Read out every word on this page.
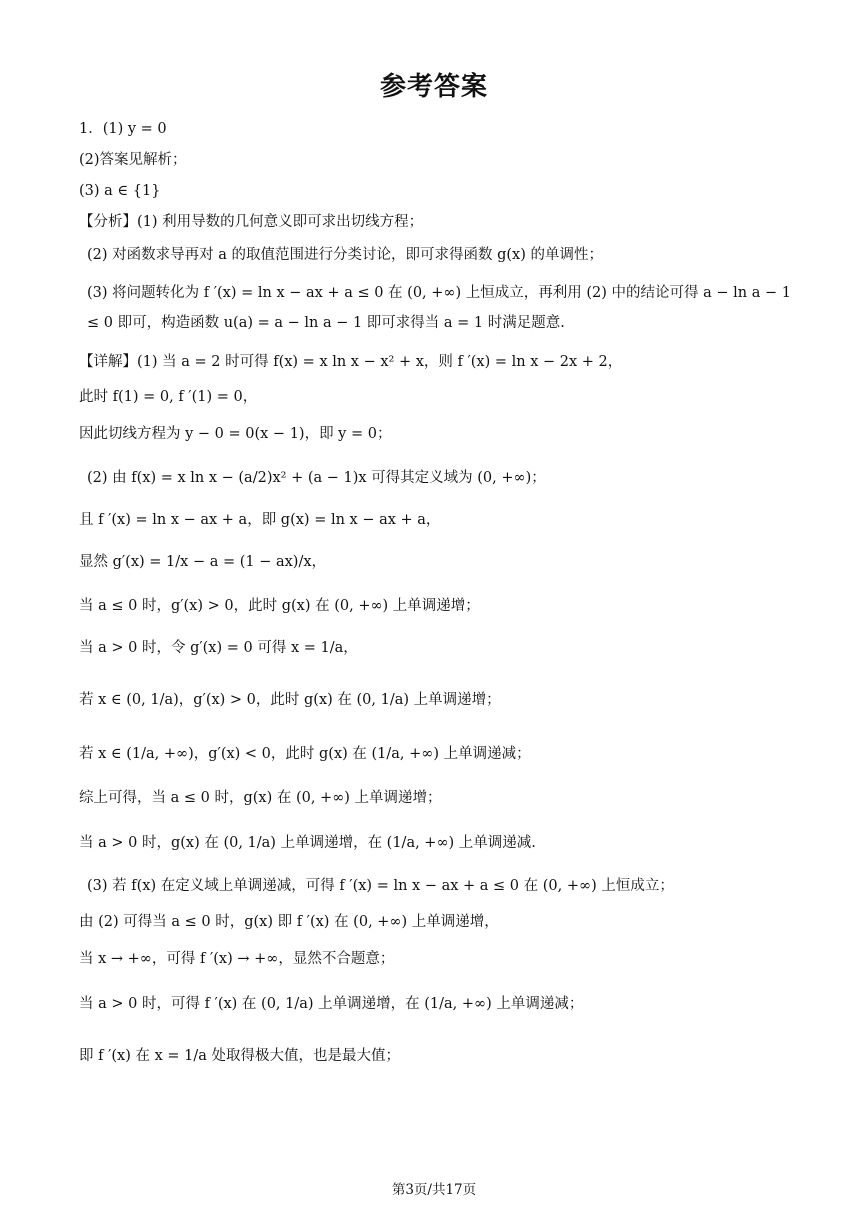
参考答案
1．(1) y = 0
(2)答案见解析；
(3) a ∈ {1}
【分析】(1) 利用导数的几何意义即可求出切线方程；
(2) 对函数求导再对 a 的取值范围进行分类讨论，即可求得函数 g(x) 的单调性；
(3) 将问题转化为 f ′(x) = ln x − ax + a ≤ 0 在 (0, +∞) 上恒成立，再利用 (2) 中的结论可得 a − ln a − 1 ≤ 0 即可，构造函数 u(a) = a − ln a − 1 即可求得当 a = 1 时满足题意.
【详解】(1) 当 a = 2 时可得 f(x) = x ln x − x² + x，则 f ′(x) = ln x − 2x + 2，
此时 f(1) = 0, f ′(1) = 0，
因此切线方程为 y − 0 = 0(x − 1)，即 y = 0；
(2) 由 f(x) = x ln x − (a/2)x² + (a − 1)x 可得其定义域为 (0, +∞)；
且 f ′(x) = ln x − ax + a，即 g(x) = ln x − ax + a，
显然 g′(x) = 1/x − a = (1 − ax)/x，
当 a ≤ 0 时，g′(x) > 0，此时 g(x) 在 (0, +∞) 上单调递增；
当 a > 0 时，令 g′(x) = 0 可得 x = 1/a，
若 x ∈ (0, 1/a)，g′(x) > 0，此时 g(x) 在 (0, 1/a) 上单调递增；
若 x ∈ (1/a, +∞)，g′(x) < 0，此时 g(x) 在 (1/a, +∞) 上单调递减；
综上可得，当 a ≤ 0 时，g(x) 在 (0, +∞) 上单调递增；
当 a > 0 时，g(x) 在 (0, 1/a) 上单调递增，在 (1/a, +∞) 上单调递减.
(3) 若 f(x) 在定义域上单调递减，可得 f ′(x) = ln x − ax + a ≤ 0 在 (0, +∞) 上恒成立；
由 (2) 可得当 a ≤ 0 时，g(x) 即 f ′(x) 在 (0, +∞) 上单调递增，
当 x → +∞，可得 f ′(x) → +∞，显然不合题意；
当 a > 0 时，可得 f ′(x) 在 (0, 1/a) 上单调递增，在 (1/a, +∞) 上单调递减；
即 f ′(x) 在 x = 1/a 处取得极大值，也是最大值；
第3页/共17页
